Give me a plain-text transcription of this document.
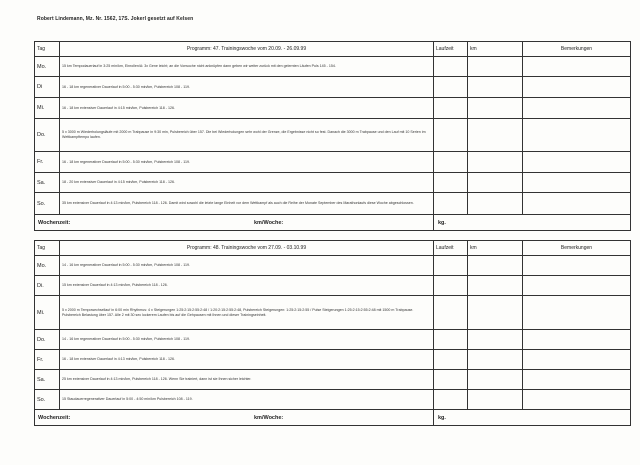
Robert Lindemann, Mz. Nr. 1562, 17S. Jokerl gesetzt auf Kelsen
Tag	Programm: 47. Trainingswoche vom 20.09. - 26.09.99	Laufzeit	km	Bemerkungen
Mo.	15 km Tempodauerlauf in 3:25 min/km, Einrollen/A: 3x Gene leicht; an die Vorwoche nicht anknüpfen dann geben wir weiter zurück mit den gelernten Läufen Puls 145 - 154.			
Di	16 - 18 km regenerativer Dauerlauf in 5:00 - 5:30 min/km, Pulsbereich 108 - 119.			
Mi.	16 - 18 km extensiver Dauerlauf in 4:15 min/km, Pulsbereich 118 - 126.			
Do.	5 x 3000 m Wiederholungsläufe mit 2000 m Trabpause in 9:30 min, Pulsbereich über 157. Die bei Wiederholungen sehr wohl der Grenze, die Ergebnisse nicht so fest. Danach die 3000 m Trabpause und den Lauf mit 10 Serien im Wettkampftempo laufen.			
Fr.	16 - 18 km regenerativer Dauerlauf in 5:00 - 5:30 min/km, Pulsbereich 108 - 119.			
Sa.	18 - 20 km extensiver Dauerlauf in 4:15 min/km, Pulsbereich 118 - 126.			
So.	35 km extensiver Dauerlauf in 4:13 min/km, Pulsbereich 118 - 126. Damit wird sowohl die letzte lange Einheit vor dem Wettkampf als auch die Reihe der Monate September des Marathonlaufs diese Woche abgeschlossen.			
Wochenzeit: km/Woche:		kg.		
Tag	Programm: 48. Trainingswoche vom 27.09. - 03.10.99	Laufzeit	km	Bemerkungen
Mo.	14 - 16 km regenerativer Dauerlauf in 5:00 - 5:30 min/km, Pulsbereich 108 - 119.			
Di.	15 km extensiver Dauerlauf in 4:13 min/km, Pulsbereich 118 - 126.			
Mi.	5 x 2000 m Tempowechsellauf in 6:00 min Rhythmus: 4 x Steigerungen 1:25:2:15:2:55:2:48 / 1:20:2:15:2:55:2:48, Pulsbereich Steigerungen: 1:25:2:15:2:55 / Pulse Steigerungen 1:25:2:15:2:55:2:48 mit 1500 m Trabpause. Pulsbereich Belastung über 157. Alle 2 mit 30 sec lockerem Laufen bis auf die Gehpausen mit Ihnen und dieser Trainingseinheit.			
Do.	14 - 16 km regenerativer Dauerlauf in 5:00 - 5:30 min/km, Pulsbereich 108 - 119.			
Fr.	16 - 18 km extensiver Dauerlauf in 4:13 min/km, Pulsbereich 118 - 126.			
Sa.	25 km extensiver Dauerlauf in 4:13 min/km, Pulsbereich 118 - 126. Wenn Sie trainiert, dann ist sie Ihnen sicher leichter.			
So.	15 Staudauerregenerativer Dauerlauf in 5:00 - 4:50 min/km Pulsbereich 108 - 119.			
Wochenzeit: km/Woche:		kg.		
